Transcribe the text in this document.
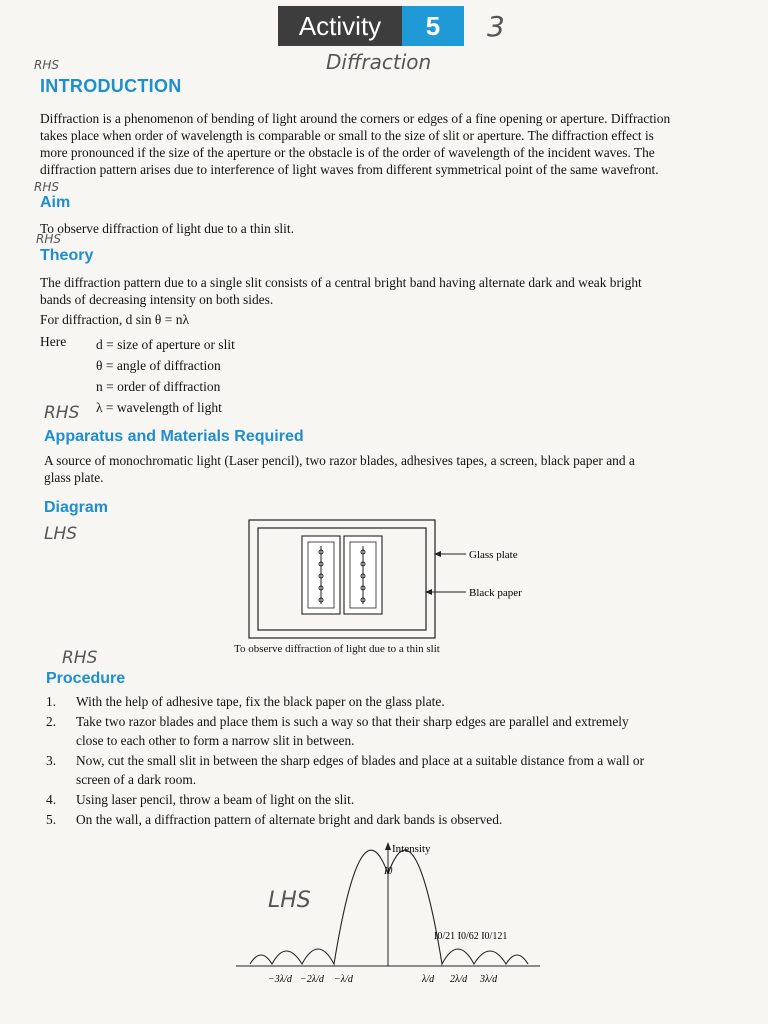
Activity	5	3
Diffraction
RHS
INTRODUCTION
Diffraction is a phenomenon of bending of light around the corners or edges of a fine opening or aperture. Diffraction
takes place when order of wavelength is comparable or small to the size of slit or aperture. The diffraction effect is
more pronounced if the size of the aperture or the obstacle is of the order of wavelength of the incident waves. The
diffraction pattern arises due to interference of light waves from different symmetrical point of the same wavefront.
RHS
Aim
To observe diffraction of light due to a thin slit.
RHS
Theory
The diffraction pattern due to a single slit consists of a central bright band having alternate dark and weak bright
bands of decreasing intensity on both sides.
For diffraction, d sin θ = nλ
Here d = size of aperture or slit
θ = angle of diffraction
n = order of diffraction
λ = wavelength of light
RHS
Apparatus and Materials Required
A source of monochromatic light (Laser pencil), two razor blades, adhesives tapes, a screen, black paper and a
glass plate.
Diagram
LHS
Glass plate
Black paper
To observe diffraction of light due to a thin slit
RHS
Procedure
1. With the help of adhesive tape, fix the black paper on the glass plate.
2. Take two razor blades and place them is such a way so that their sharp edges are parallel and extremely
close to each other to form a narrow slit in between.
3. Now, cut the small slit in between the sharp edges of blades and place at a suitable distance from a wall or
screen of a dark room.
4. Using laser pencil, throw a beam of light on the slit.
5. On the wall, a diffraction pattern of alternate bright and dark bands is observed.
LHS
Intensity
I0
I0/21 I0/62 I0/121
−3λ/d −2λ/d −λ/d	λ/d 2λ/d 3λ/d
